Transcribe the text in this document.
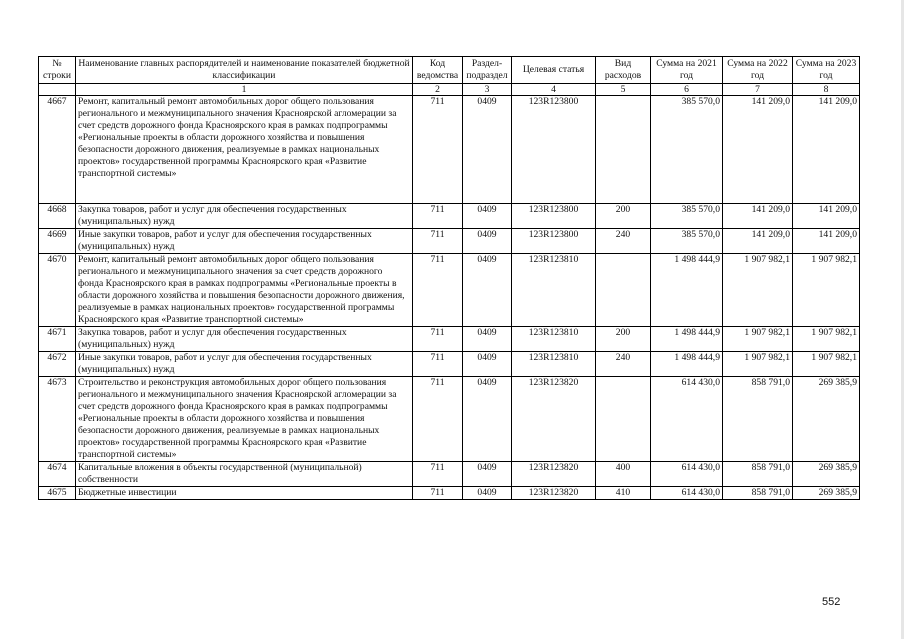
№ строки	Наименование главных распорядителей и наименование показателей бюджетной классификации	Код ведомства	Раздел-подраздел	Целевая статья	Вид расходов	Сумма на 2021 год	Сумма на 2022 год	Сумма на 2023 год
	1	2	3	4	5	6	7	8
4667	Ремонт, капитальный ремонт автомобильных дорог общего пользования регионального и межмуниципального значения Красноярской агломерации за счет средств дорожного фонда Красноярского края в рамках подпрограммы «Региональные проекты в области дорожного хозяйства и повышения безопасности дорожного движения, реализуемые в рамках национальных проектов» государственной программы Красноярского края «Развитие транспортной системы»	711	0409	123R123800		385 570,0	141 209,0	141 209,0
4668	Закупка товаров, работ и услуг для обеспечения государственных (муниципальных) нужд	711	0409	123R123800	200	385 570,0	141 209,0	141 209,0
4669	Иные закупки товаров, работ и услуг для обеспечения государственных (муниципальных) нужд	711	0409	123R123800	240	385 570,0	141 209,0	141 209,0
4670	Ремонт, капитальный ремонт автомобильных дорог общего пользования регионального и межмуниципального значения за счет средств дорожного фонда Красноярского края в рамках подпрограммы «Региональные проекты в области дорожного хозяйства и повышения безопасности дорожного движения, реализуемые в рамках национальных проектов» государственной программы Красноярского края «Развитие транспортной системы»	711	0409	123R123810		1 498 444,9	1 907 982,1	1 907 982,1
4671	Закупка товаров, работ и услуг для обеспечения государственных (муниципальных) нужд	711	0409	123R123810	200	1 498 444,9	1 907 982,1	1 907 982,1
4672	Иные закупки товаров, работ и услуг для обеспечения государственных (муниципальных) нужд	711	0409	123R123810	240	1 498 444,9	1 907 982,1	1 907 982,1
4673	Строительство и реконструкция автомобильных дорог общего пользования регионального и межмуниципального значения Красноярской агломерации за счет средств дорожного фонда Красноярского края в рамках подпрограммы «Региональные проекты в области дорожного хозяйства и повышения безопасности дорожного движения, реализуемые в рамках национальных проектов» государственной программы Красноярского края «Развитие транспортной системы»	711	0409	123R123820		614 430,0	858 791,0	269 385,9
4674	Капитальные вложения в объекты государственной (муниципальной) собственности	711	0409	123R123820	400	614 430,0	858 791,0	269 385,9
4675	Бюджетные инвестиции	711	0409	123R123820	410	614 430,0	858 791,0	269 385,9
552
